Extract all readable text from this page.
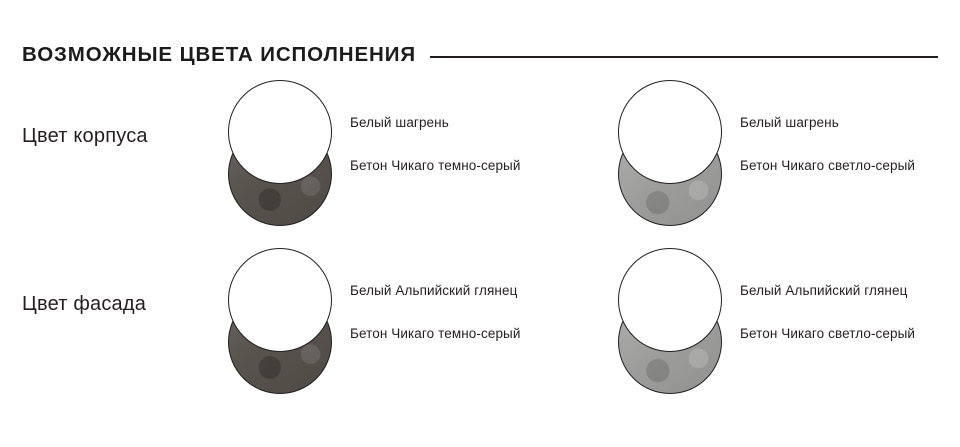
ВОЗМОЖНЫЕ ЦВЕТА ИСПОЛНЕНИЯ
Цвет корпуса
Белый шагрень
Бетон Чикаго темно-серый
Белый шагрень
Бетон Чикаго светло-серый
Цвет фасада
Белый Альпийский глянец
Бетон Чикаго темно-серый
Белый Альпийский глянец
Бетон Чикаго светло-серый
